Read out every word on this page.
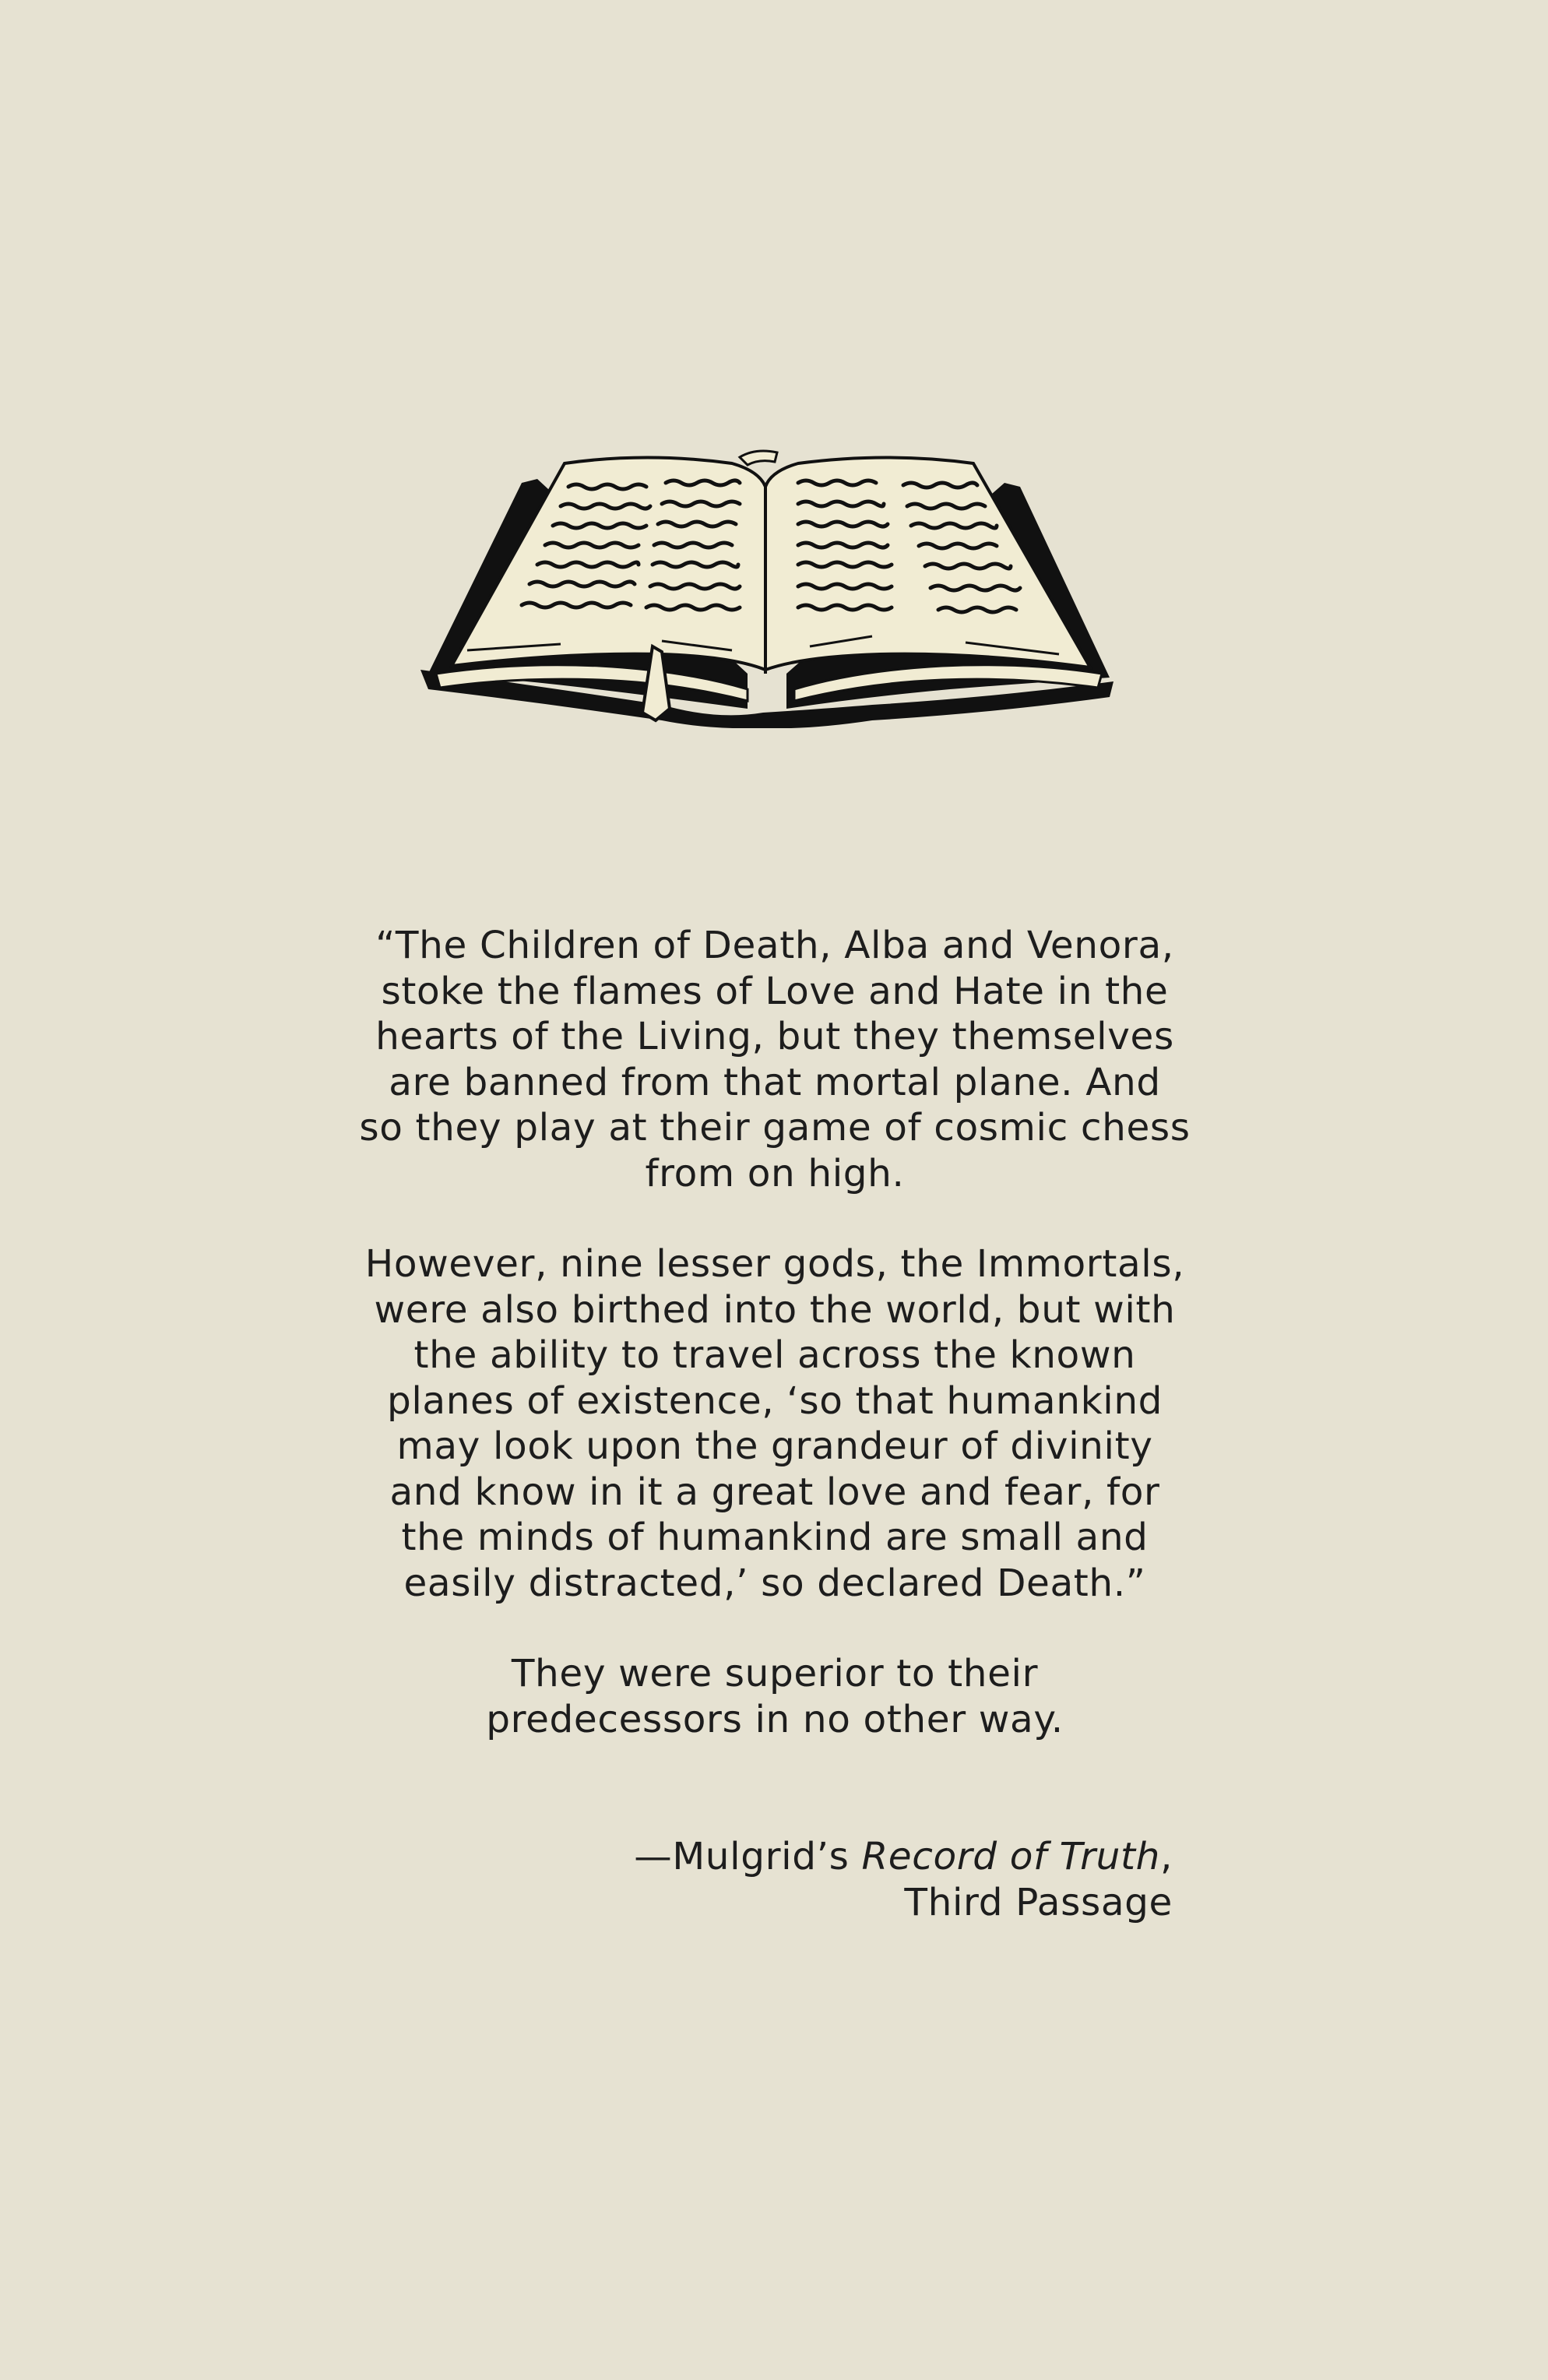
“The Children of Death, Alba and Venora,
stoke the flames of Love and Hate in the
hearts of the Living, but they themselves
are banned from that mortal plane. And
so they play at their game of cosmic chess
from on high.
However, nine lesser gods, the Immortals,
were also birthed into the world, but with
the ability to travel across the known
planes of existence, ‘so that humankind
may look upon the grandeur of divinity
and know in it a great love and fear, for
the minds of humankind are small and
easily distracted,’ so declared Death.”
They were superior to their
predecessors in no other way.
—Mulgrid’s Record of Truth,
Third Passage
